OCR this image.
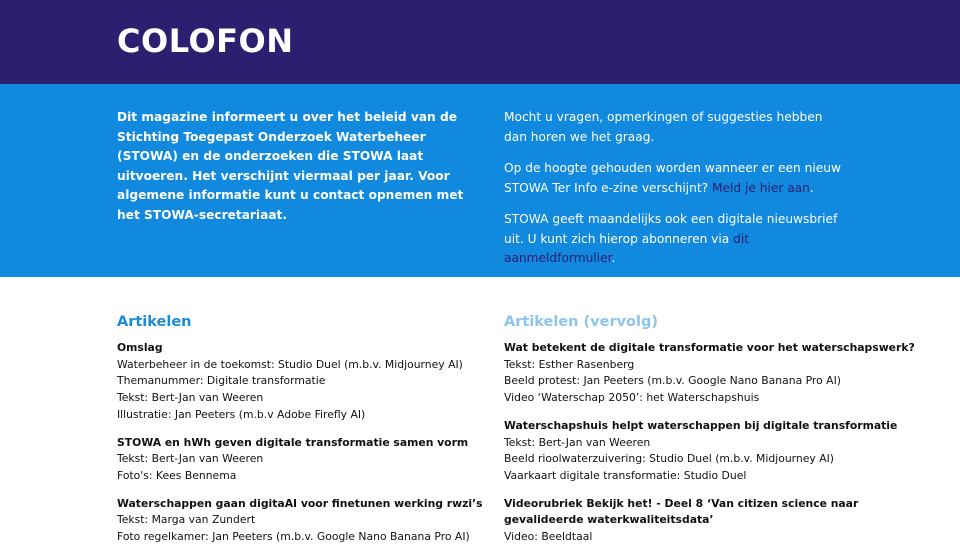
COLOFON
Dit magazine informeert u over het beleid van de Stichting Toegepast Onderzoek Waterbeheer (STOWA) en de onderzoeken die STOWA laat uitvoeren. Het verschijnt viermaal per jaar. Voor algemene informatie kunt u contact opnemen met het STOWA-secretariaat.

Mocht u vragen, opmerkingen of suggesties hebben dan horen we het graag.

Op de hoogte gehouden worden wanneer er een nieuw STOWA Ter Info e-zine verschijnt? Meld je hier aan.

STOWA geeft maandelijks ook een digitale nieuwsbrief uit. U kunt zich hierop abonneren via dit aanmeldformulier.

Artikelen
Omslag
Waterbeheer in de toekomst: Studio Duel (m.b.v. Midjourney AI)
Themanummer: Digitale transformatie
Tekst: Bert-Jan van Weeren
Illustratie: Jan Peeters (m.b.v Adobe Firefly AI)
STOWA en hWh geven digitale transformatie samen vorm
Tekst: Bert-Jan van Weeren
Foto's: Kees Bennema
Waterschappen gaan digitaAI voor finetunen werking rwzi’s
Tekst: Marga van Zundert
Foto regelkamer: Jan Peeters (m.b.v. Google Nano Banana Pro AI)
Artikelen (vervolg)
Wat betekent de digitale transformatie voor het waterschapswerk?
Tekst: Esther Rasenberg
Beeld protest: Jan Peeters (m.b.v. Google Nano Banana Pro AI)
Video ‘Waterschap 2050’: het Waterschapshuis
Waterschapshuis helpt waterschappen bij digitale transformatie
Tekst: Bert-Jan van Weeren
Beeld rioolwaterzuivering: Studio Duel (m.b.v. Midjourney AI)
Vaarkaart digitale transformatie: Studio Duel
Videorubriek Bekijk het! - Deel 8 ‘Van citizen science naar
gevalideerde waterkwaliteitsdata’
Video: Beeldtaal
